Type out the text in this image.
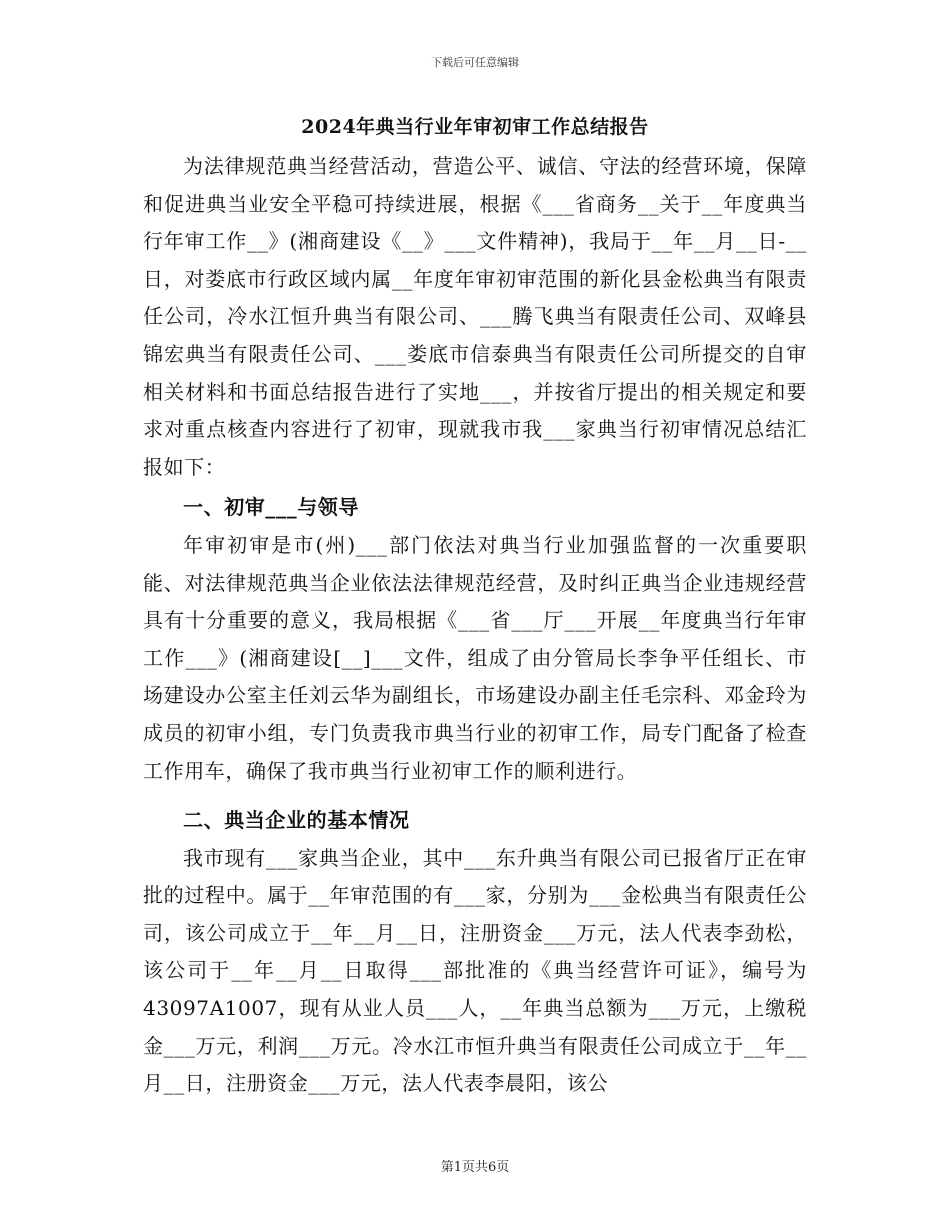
下载后可任意编辑
2024年典当行业年审初审工作总结报告

为法律规范典当经营活动，营造公平、诚信、守法的经营环境，保障和促进典当业安全平稳可持续进展，根据《___省商务__关于__年度典当行年审工作__》(湘商建设《__》___文件精神)，我局于__年__月__日-__日，对娄底市行政区域内属__年度年审初审范围的新化县金松典当有限责任公司，冷水江恒升典当有限公司、___腾飞典当有限责任公司、双峰县锦宏典当有限责任公司、___娄底市信泰典当有限责任公司所提交的自审相关材料和书面总结报告进行了实地___，并按省厅提出的相关规定和要求对重点核查内容进行了初审，现就我市我___家典当行初审情况总结汇报如下：

一、初审___与领导

年审初审是市(州)___部门依法对典当行业加强监督的一次重要职能、对法律规范典当企业依法法律规范经营，及时纠正典当企业违规经营具有十分重要的意义，我局根据《___省___厅___开展__年度典当行年审工作___》(湘商建设[__]___文件，组成了由分管局长李争平任组长、市场建设办公室主任刘云华为副组长，市场建设办副主任毛宗科、邓金玲为成员的初审小组，专门负责我市典当行业的初审工作，局专门配备了检查工作用车，确保了我市典当行业初审工作的顺利进行。

二、典当企业的基本情况

我市现有___家典当企业，其中___东升典当有限公司已报省厅正在审批的过程中。属于__年审范围的有___家，分别为___金松典当有限责任公司，该公司成立于__年__月__日，注册资金___万元，法人代表李劲松，该公司于__年__月__日取得___部批准的《典当经营许可证》，编号为43097A1007，现有从业人员___人，__年典当总额为___万元，上缴税金___万元，利润___万元。冷水江市恒升典当有限责任公司成立于__年__月__日，注册资金___万元，法人代表李晨阳，该公

第1页共6页
